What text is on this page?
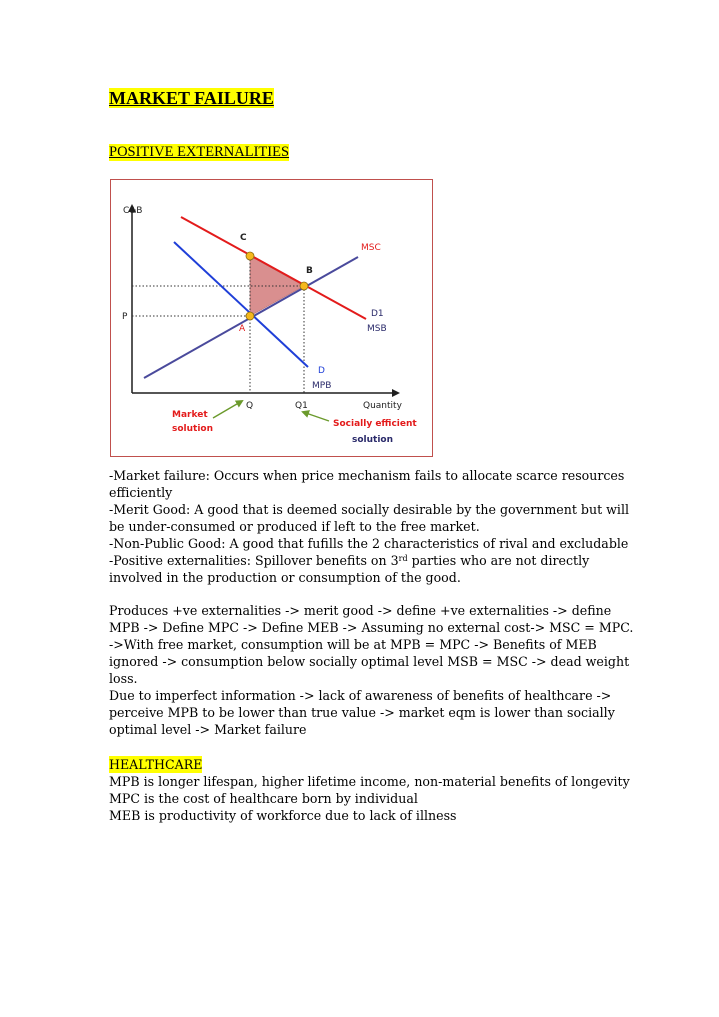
MARKET FAILURE
POSITIVE EXTERNALITIES
C&B
Quantity
P
C
B
A
MSC
D1
MSB
D
MPB
Q	Q1
Market
solution	Socially efficient
solution
-Market failure: Occurs when price mechanism fails to allocate scarce resources
efficiently
-Merit Good: A good that is deemed socially desirable by the government but will
be under-consumed or produced if left to the free market.
-Non-Public Good: A good that fufills the 2 characteristics of rival and excludable
-Positive externalities: Spillover benefits on 3rd parties who are not directly
involved in the production or consumption of the good.
Produces +ve externalities -> merit good -> define +ve externalities -> define
MPB -> Define MPC -> Define MEB -> Assuming no external cost-> MSC = MPC.
->With free market, consumption will be at MPB = MPC -> Benefits of MEB
ignored -> consumption below socially optimal level MSB = MSC -> dead weight
loss.
Due to imperfect information -> lack of awareness of benefits of healthcare ->
perceive MPB to be lower than true value -> market eqm is lower than socially
optimal level -> Market failure
HEALTHCARE
MPB is longer lifespan, higher lifetime income, non-material benefits of longevity
MPC is the cost of healthcare born by individual
MEB is productivity of workforce due to lack of illness
